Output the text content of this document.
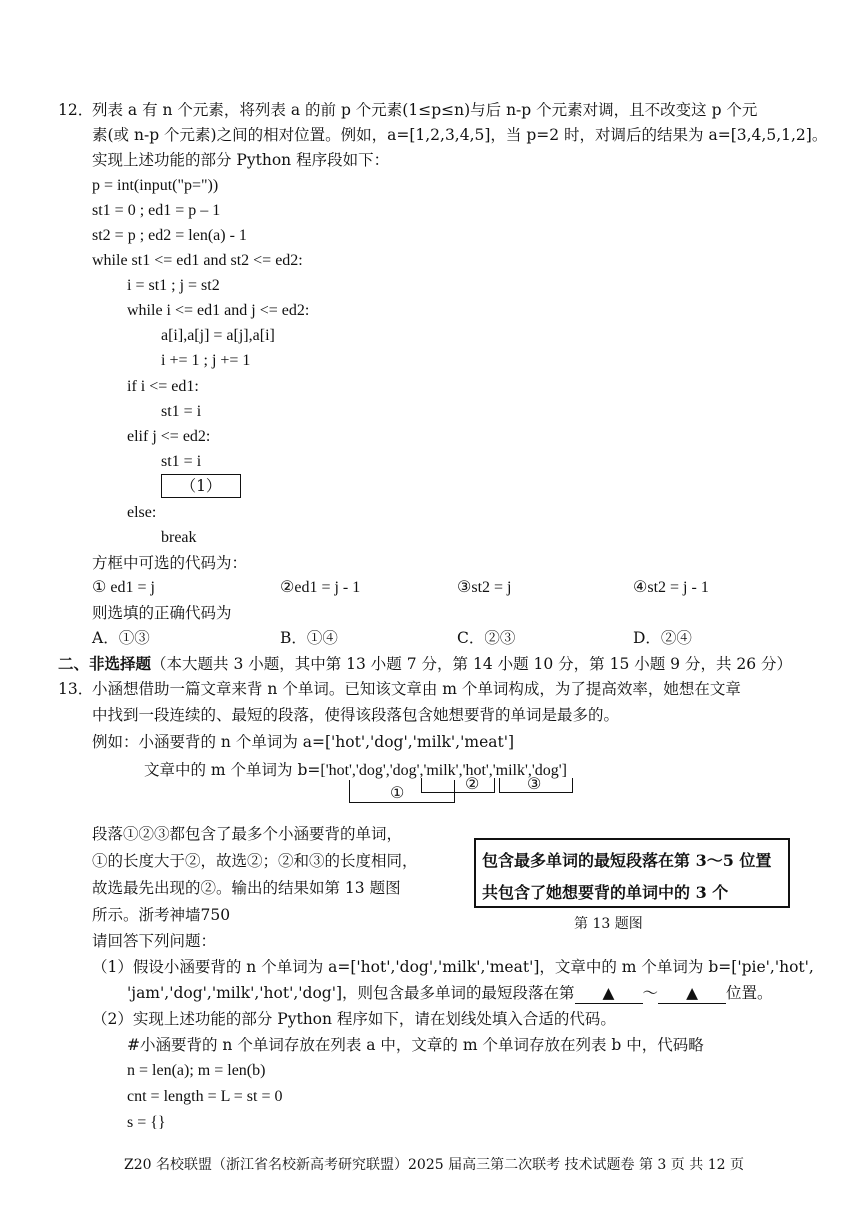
12．
列表 a 有 n 个元素，将列表 a 的前 p 个元素(1≤p≤n)与后 n-p 个元素对调，且不改变这 p 个元
素(或 n-p 个元素)之间的相对位置。例如，a=[1,2,3,4,5]，当 p=2 时，对调后的结果为 a=[3,4,5,1,2]。
实现上述功能的部分 Python 程序段如下：
p = int(input("p="))
st1 = 0 ; ed1 = p – 1
st2 = p ; ed2 = len(a) - 1
while st1 <= ed1 and st2 <= ed2:
i = st1 ; j = st2
while i <= ed1 and j <= ed2:
a[i],a[j] = a[j],a[i]
i += 1 ; j += 1
if i <= ed1:
st1 = i
elif j <= ed2:
st1 = i
（1）
else:
break
方框中可选的代码为：
① ed1 = j	②ed1 = j - 1	③st2 = j	④st2 = j - 1
则选填的正确代码为
A．①③	B．①④	C．②③	D．②④
二、非选择题（本大题共 3 小题，其中第 13 小题 7 分，第 14 小题 10 分，第 15 小题 9 分，共 26 分）
13．
小涵想借助一篇文章来背 n 个单词。已知该文章由 m 个单词构成，为了提高效率，她想在文章
中找到一段连续的、最短的段落，使得该段落包含她想要背的单词是最多的。
例如：小涵要背的 n 个单词为 a=['hot','dog','milk','meat']
文章中的 m 个单词为 b=['hot','dog','dog','milk','hot','milk','dog']
①	②	③
段落①②③都包含了最多个小涵要背的单词，
①的长度大于②，故选②；②和③的长度相同，
故选最先出现的②。输出的结果如第 13 题图
所示。浙考神墙750
包含最多单词的最短段落在第 3～5 位置
共包含了她想要背的单词中的 3 个
第 13 题图
请回答下列问题：
（1）假设小涵要背的 n 个单词为 a=['hot','dog','milk','meat']，文章中的 m 个单词为 b=['pie','hot',
'jam','dog','milk','hot','dog']，则包含最多单词的最短段落在第 ▲ ～ ▲ 位置。
（2）实现上述功能的部分 Python 程序如下，请在划线处填入合适的代码。
#小涵要背的 n 个单词存放在列表 a 中，文章的 m 个单词存放在列表 b 中，代码略
n = len(a); m = len(b)
cnt = length = L = st = 0
s = {}
Z20 名校联盟（浙江省名校新高考研究联盟）2025 届高三第二次联考 技术试题卷 第 3 页 共 12 页
